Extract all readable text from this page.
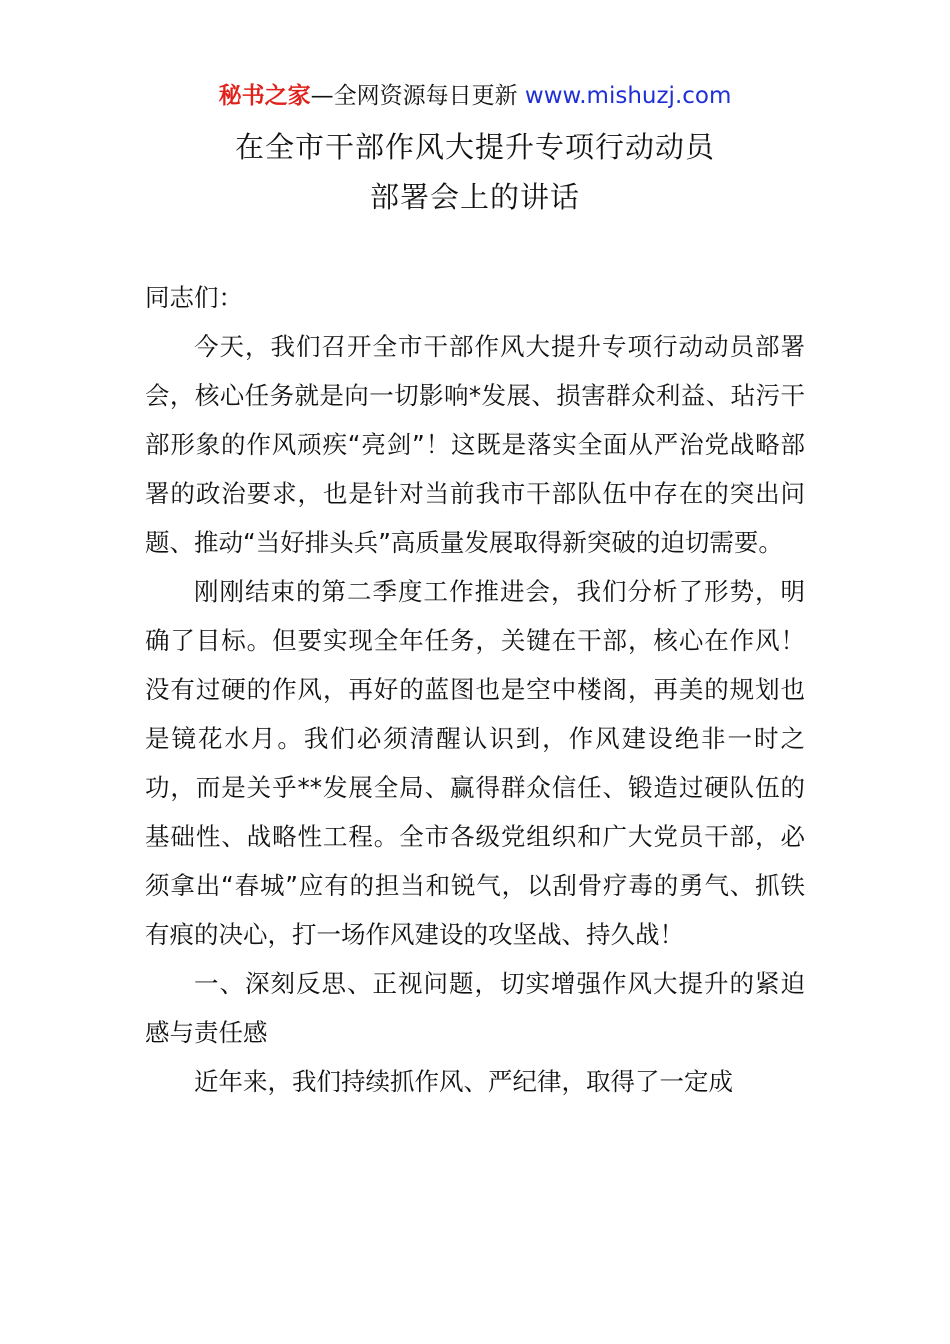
秘书之家—全网资源每日更新 www.mishuzj.com
在全市干部作风大提升专项行动动员
部署会上的讲话

同志们：

今天，我们召开全市干部作风大提升专项行动动员部署会，核心任务就是向一切影响*发展、损害群众利益、玷污干部形象的作风顽疾“亮剑”！这既是落实全面从严治党战略部署的政治要求，也是针对当前我市干部队伍中存在的突出问题、推动“当好排头兵”高质量发展取得新突破的迫切需要。

刚刚结束的第二季度工作推进会，我们分析了形势，明确了目标。但要实现全年任务，关键在干部，核心在作风！没有过硬的作风，再好的蓝图也是空中楼阁，再美的规划也是镜花水月。我们必须清醒认识到，作风建设绝非一时之功，而是关乎**发展全局、赢得群众信任、锻造过硬队伍的基础性、战略性工程。全市各级党组织和广大党员干部，必须拿出“春城”应有的担当和锐气，以刮骨疗毒的勇气、抓铁有痕的决心，打一场作风建设的攻坚战、持久战！

一、深刻反思、正视问题，切实增强作风大提升的紧迫感与责任感

近年来，我们持续抓作风、严纪律，取得了一定成
